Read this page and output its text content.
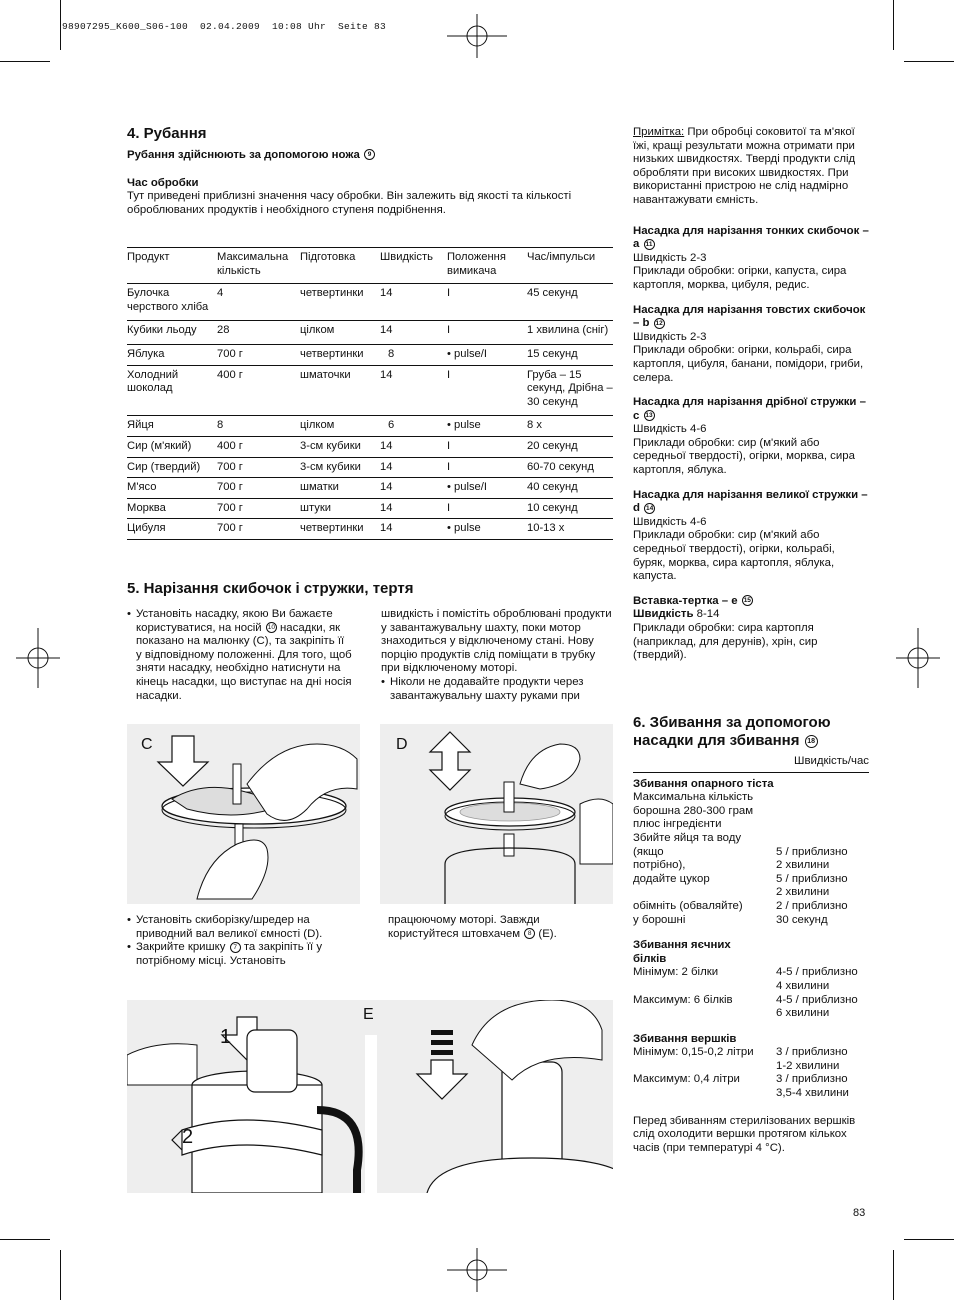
98907295_K600_S06-100  02.04.2009  10:08 Uhr  Seite 83
4. Рубання
Рубання здійснюють за допомогою ножа 9
Час обробки
Тут приведені приблизні значення часу обробки. Він залежить від якості та кількості оброблюваних продуктів і необхідного ступеня подрібнення.
Продукт	Максимальна кількість	Підготовка	Швидкість	Положення вимикача	Час/імпульси
Булочка черствого хліба	4	четвертинки	14	I	45 секунд
Кубики льоду	28	цілком	14	I	1 хвилина (сніг)
Яблука	700 г	четвертинки	8	• pulse/I	15 секунд
Холодний шоколад	400 г	шматочки	14	I	Груба – 15 секунд, Дрібна – 30 секунд
Яйця	8	цілком	6	• pulse	8 х
Сир (м'який)	400 г	3-см кубики	14	I	20 секунд
Сир (твердий)	700 г	3-см кубики	14	I	60-70 секунд
М'ясо	700 г	шматки	14	• pulse/I	40 секунд
Морква	700 г	штуки	14	I	10 секунд
Цибуля	700 г	четвертинки	14	• pulse	10-13 х
5. Нарізання скибочок і стружки, тертя
• Установіть насадку, якою Ви бажаєте користуватися, на носій 10 насадки, як показано на малюнку (С), та закріпіть її у відповідному положенні. Для того, щоб зняти насадку, необхідно натиснути на кінець насадки, що виступає на дні носія насадки.
швидкість і помістіть оброблювані продукти у завантажувальну шахту, поки мотор знаходиться у відключеному стані. Нову порцію продуктів слід поміщати в трубку при відключеному моторі.
• Ніколи не додавайте продукти через завантажувальну шахту руками при
C	D
• Установіть скиборізку/шредер на приводний вал великої ємності (D).
• Закрийте кришку 7 та закріпіть її у потрібному місці. Установіть
працюючому моторі. Завжди користуйтеся штовхачем 8 (E).
E
1
2
Примітка: При обробці соковитої та м'якої їжі, кращі результати можна отримати при низьких швидкостях. Тверді продукти слід обробляти при високих швидкостях. При використанні пристрою не слід надмірно навантажувати ємність.
Насадка для нарізання тонких скибочок – a 11
Швидкість 2-3
Приклади обробки: огірки, капуста, сира картопля, морква, цибуля, редис.
Насадка для нарізання товстих скибочок – b 12
Швидкість 2-3
Приклади обробки: огірки, кольрабі, сира картопля, цибуля, банани, помідори, гриби, селера.
Насадка для нарізання дрібної стружки – c 13
Швидкість 4-6
Приклади обробки: сир (м'який або середньої твердості), огірки, морква, сира картопля, яблука.
Насадка для нарізання великої стружки – d 14
Швидкість 4-6
Приклади обробки: сир (м'який або середньої твердості), огірки, кольрабі, буряк, морква, сира картопля, яблука, капуста.
Вставка-тертка – e 15
Швидкість 8-14
Приклади обробки: сира картопля (наприклад, для дерунів), хрін, сир (твердий).
6. Збивання за допомогою насадки для збивання 18
Швидкість/час
Збивання опарного тіста
Максимальна кількість
борошна 280-300 грам
плюс інгредієнти
Збийте яйця та воду
(якщо	5 / приблизно
потрібно),	2 хвилини
додайте цукор	5 / приблизно
	2 хвилини
обімніть (обваляйте)	2 / приблизно
у борошні	30 секунд
Збивання яєчних білків
Мінімум: 2 білки	4-5 / приблизно
	4 хвилини
Максимум: 6 білків	4-5 / приблизно
	6 хвилини
Збивання вершків
Мінімум: 0,15-0,2 літри	3 / приблизно
	1-2 хвилини
Максимум: 0,4 літри	3 / приблизно
	3,5-4 хвилини
Перед збиванням стерилізованих вершків слід охолодити вершки протягом кількох часів (при температурі 4 °C).
83
